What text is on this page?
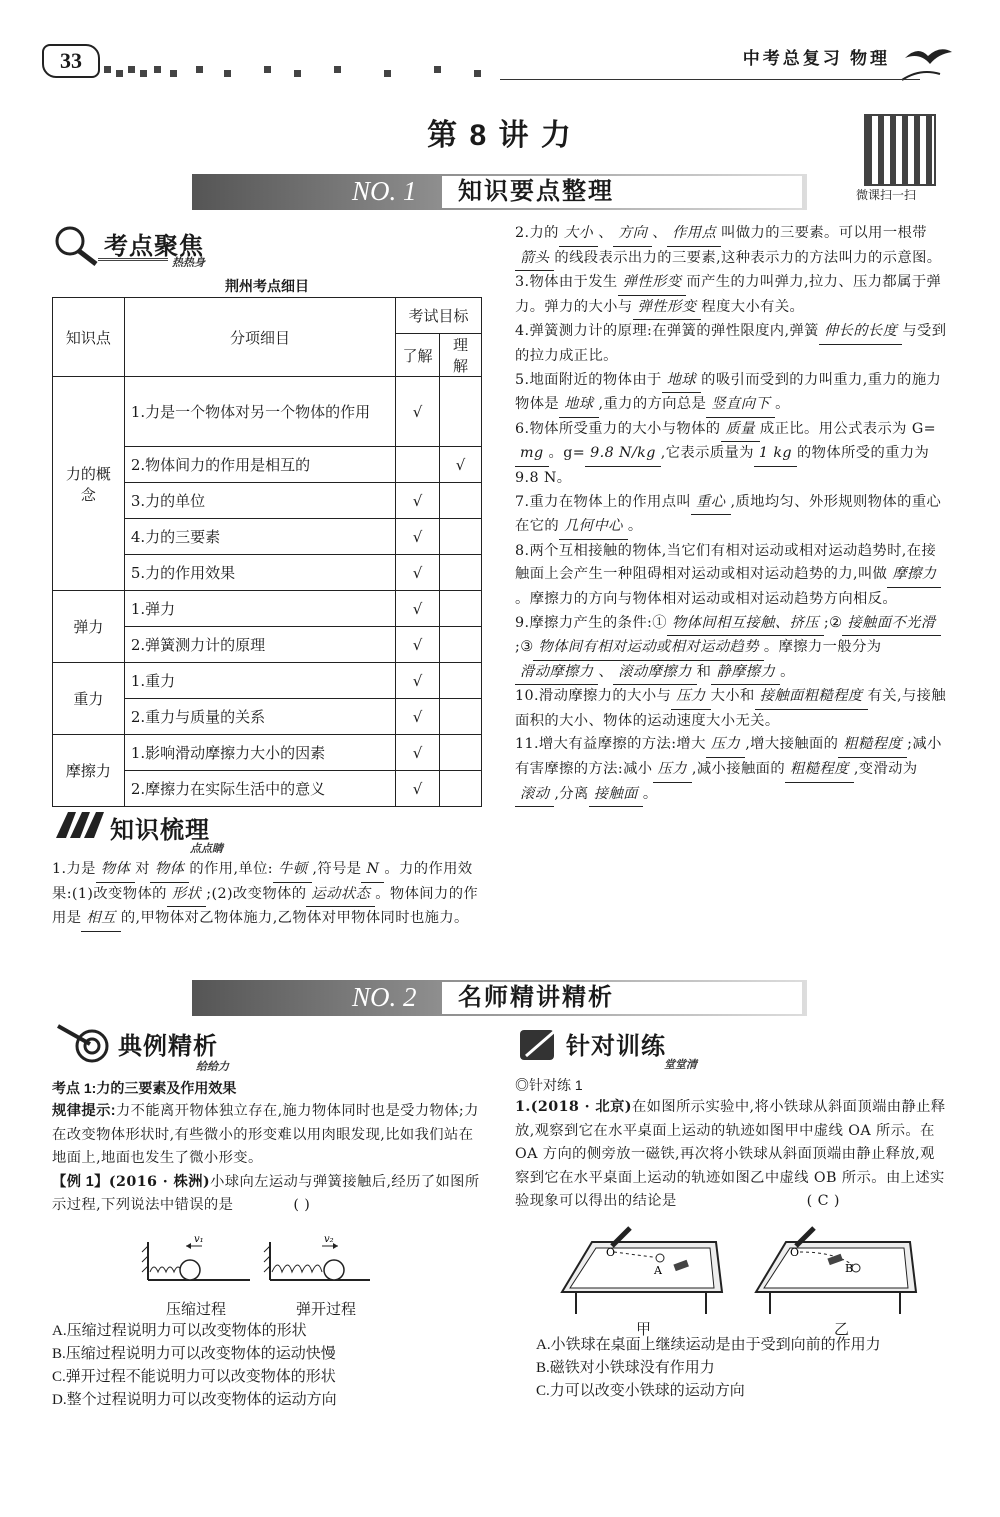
33	中考总复习 物理
第 8 讲 力
微课扫一扫
NO. 1	知识要点整理
考点聚焦
热热身
荆州考点细目
知识点	分项细目	考试目标	
		了解	理解
力的概念	1.力是一个物体对另一个物体的作用	√	
	2.物体间力的作用是相互的		√
	3.力的单位	√	
	4.力的三要素	√	
	5.力的作用效果	√	
弹力	1.弹力	√	
	2.弹簧测力计的原理	√	
重力	1.重力	√	
	2.重力与质量的关系	√	
摩擦力	1.影响滑动摩擦力大小的因素	√	
	2.摩擦力在实际生活中的意义	√	
知识梳理
点点睛
1.力是 物体 对 物体 的作用,单位: 牛顿 ,符号是 N 。力的作用效果:(1)改变物体的 形状 ;(2)改变物体的 运动状态 。物体间力的作用是 相互 的,甲物体对乙物体施力,乙物体对甲物体同时也施力。
2.力的 大小 、 方向 、 作用点 叫做力的三要素。可以用一根带箭头 的线段表示出力的三要素,这种表示力的方法叫力的示意图。
3.物体由于发生 弹性形变 而产生的力叫弹力,拉力、压力都属于弹力。弹力的大小与 弹性形变 程度大小有关。
4.弹簧测力计的原理:在弹簧的弹性限度内,弹簧 伸长的长度 与受到的拉力成正比。
5.地面附近的物体由于 地球 的吸引而受到的力叫重力,重力的施力物体是 地球 ,重力的方向总是 竖直向下 。
6.物体所受重力的大小与物体的 质量 成正比。用公式表示为 G=mg 。g= 9.8 N/kg ,它表示质量为 1 kg 的物体所受的重力为 9.8 N。
7.重力在物体上的作用点叫 重心 ,质地均匀、外形规则物体的重心在它的 几何中心 。
8.两个互相接触的物体,当它们有相对运动或相对运动趋势时,在接触面上会产生一种阻碍相对运动或相对运动趋势的力,叫做 摩擦力。摩擦力的方向与物体相对运动或相对运动趋势方向相反。
9.摩擦力产生的条件:① 物体间相互接触、挤压 ;② 接触面不光滑;③ 物体间有相对运动或相对运动趋势 。摩擦力一般分为滑动摩擦力 、 滚动摩擦力 和 静摩擦力 。
10.滑动摩擦力的大小与 压力 大小和 接触面粗糙程度 有关,与接触面积的大小、物体的运动速度大小无关。
11.增大有益摩擦的方法:增大 压力 ,增大接触面的 粗糙程度 ;减小有害摩擦的方法:减小 压力 ,减小接触面的 粗糙程度 ,变滑动为滚动 ,分离 接触面 。
NO. 2	名师精讲精析
典例精析
给给力
考点 1:力的三要素及作用效果
规律提示:力不能离开物体独立存在,施力物体同时也是受力物体;力在改变物体形状时,有些微小的形变难以用肉眼发现,比如我们站在地面上,地面也发生了微小形变。
【例 1】(2016 · 株洲)小球向左运动与弹簧接触后,经历了如图所示过程,下列说法中错误的是	( )
v₁	v₂
压缩过程	弹开过程
A.压缩过程说明力可以改变物体的形状
B.压缩过程说明力可以改变物体的运动快慢
C.弹开过程不能说明力可以改变物体的形状
D.整个过程说明力可以改变物体的运动方向
针对训练
堂堂清
◎针对练 1
1.(2018 · 北京)在如图所示实验中,将小铁球从斜面顶端由静止释放,观察到它在水平桌面上运动的轨迹如图甲中虚线 OA 所示。在 OA 方向的侧旁放一磁铁,再次将小铁球从斜面顶端由静止释放,观察到它在水平桌面上运动的轨迹如图乙中虚线 OB 所示。由上述实验现象可以得出的结论是	( C )
O
A
O
B
甲	乙
A.小铁球在桌面上继续运动是由于受到向前的作用力
B.磁铁对小铁球没有作用力
C.力可以改变小铁球的运动方向
